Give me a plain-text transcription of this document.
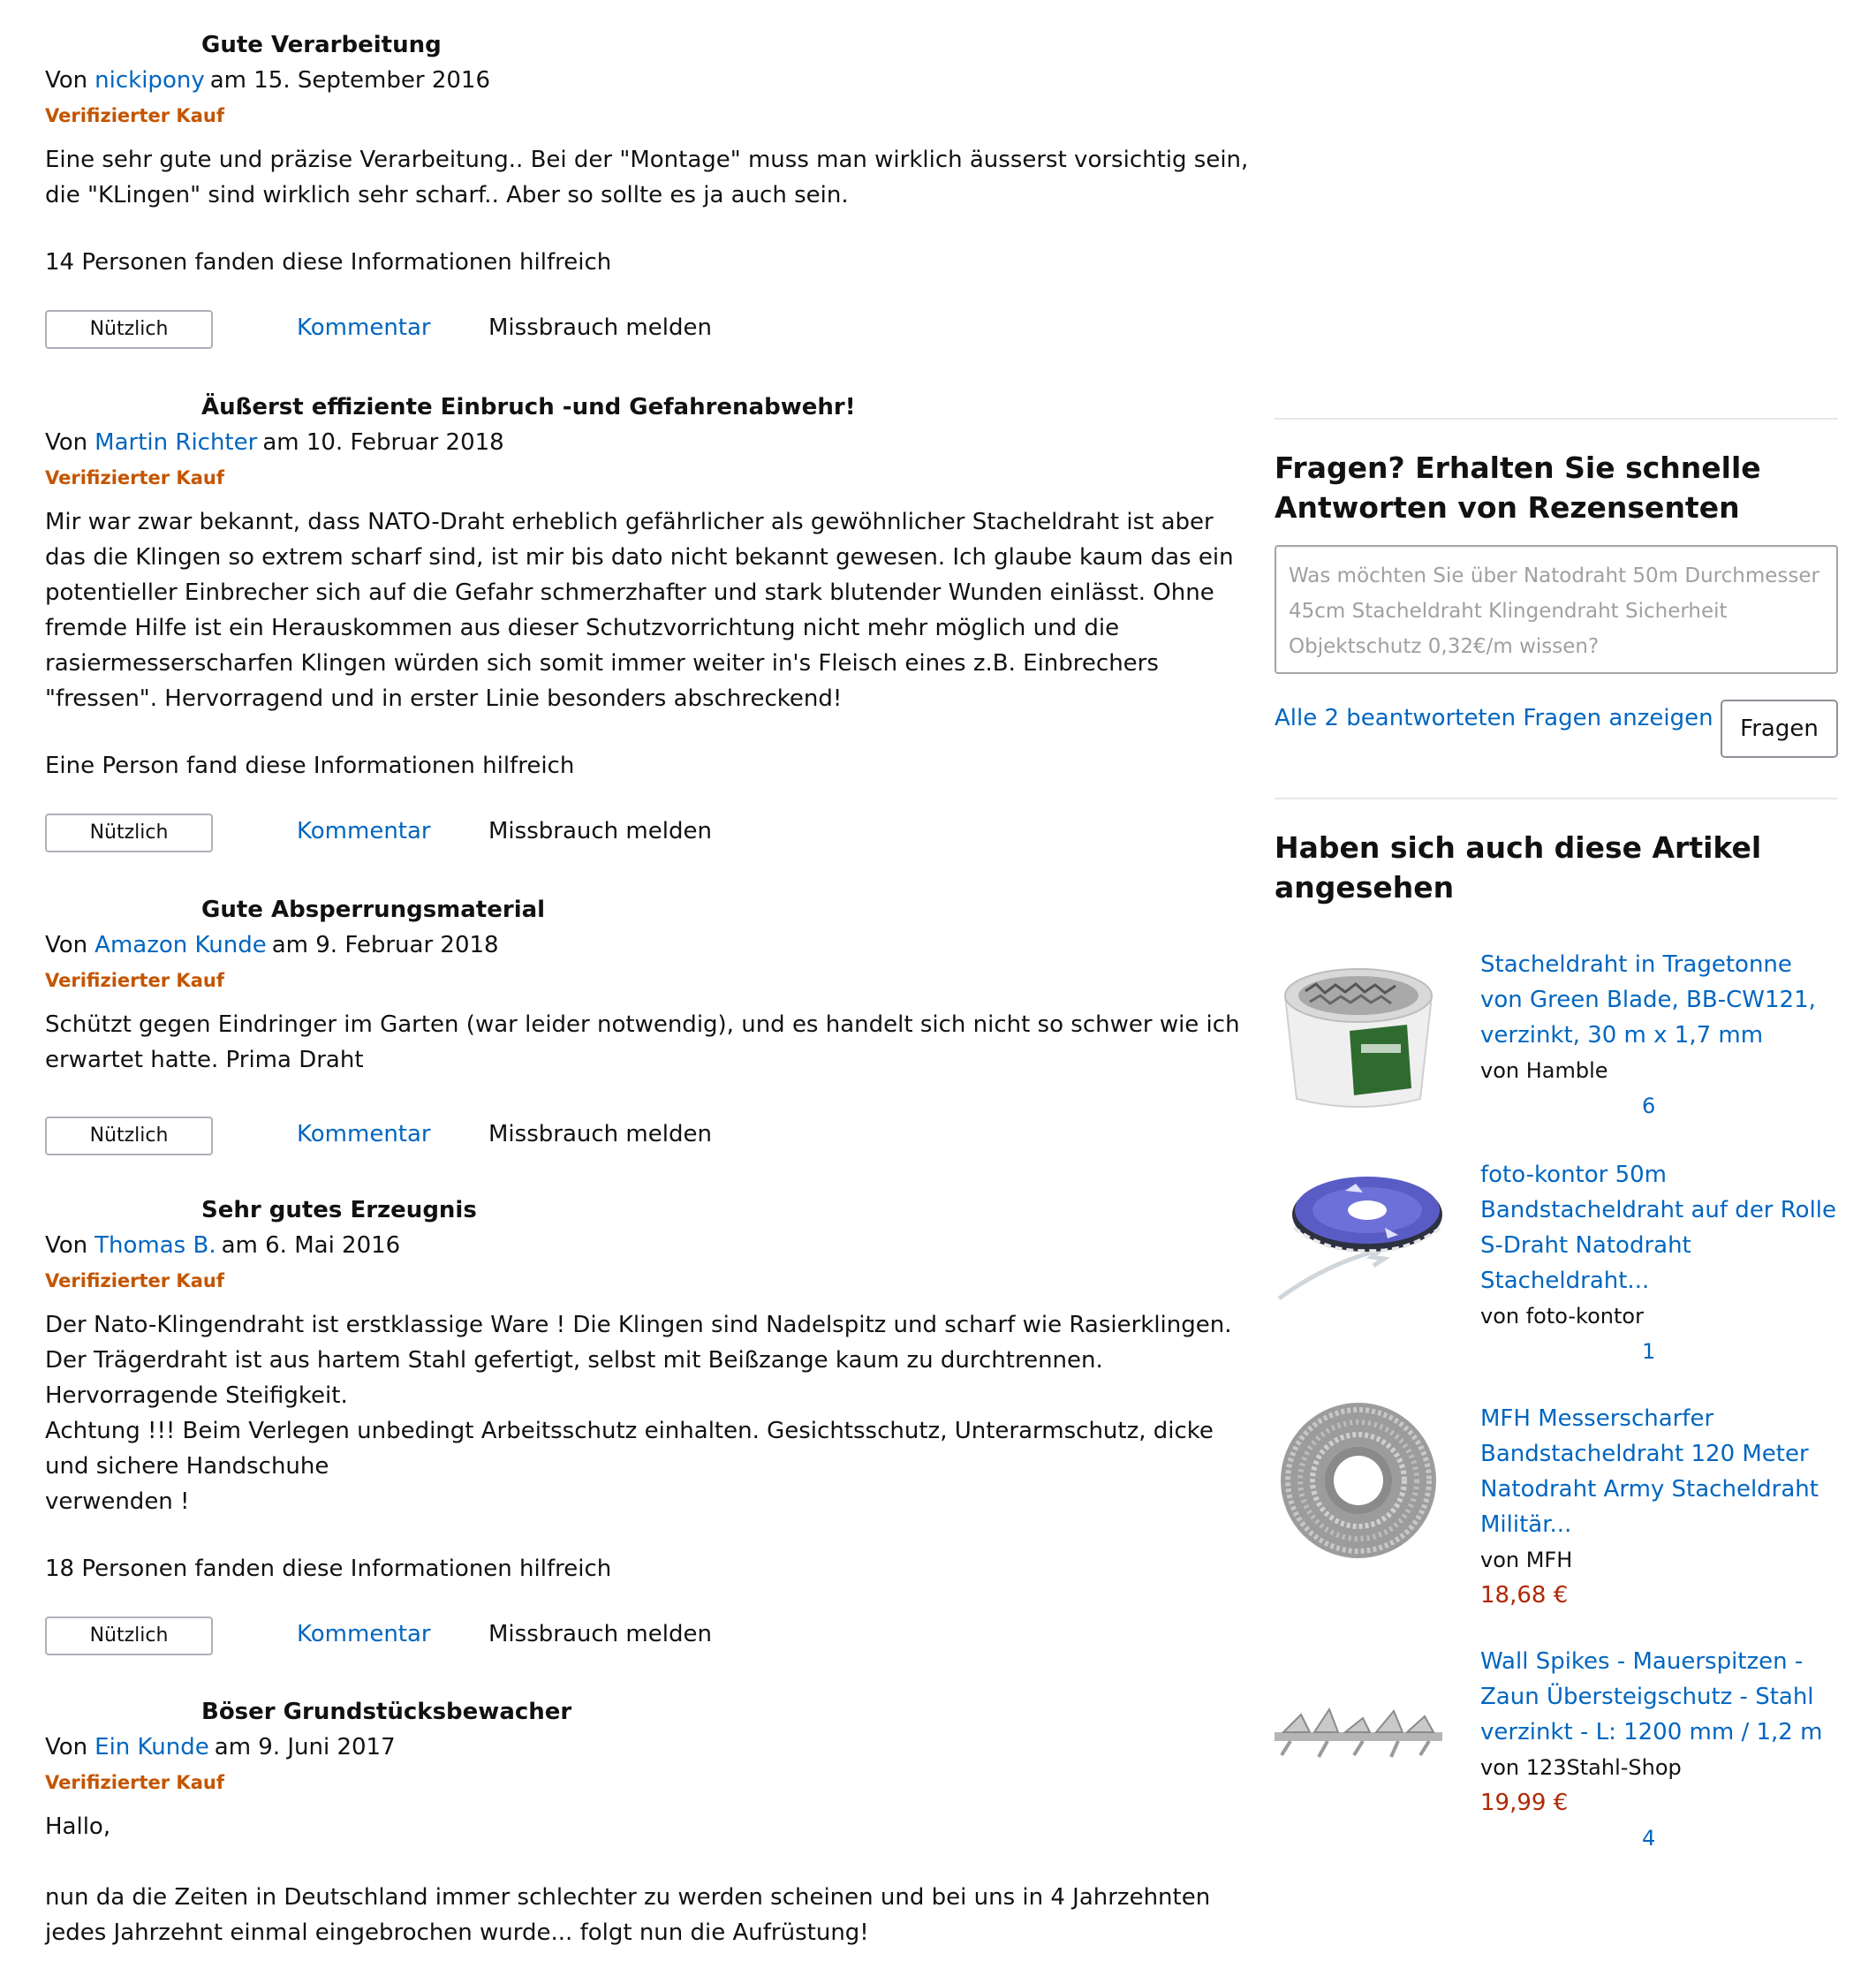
Gute Verarbeitung
Von nickipony am 15. September 2016
Verifizierter Kauf

Eine sehr gute und präzise Verarbeitung.. Bei der "Montage" muss man wirklich äusserst vorsichtig sein, die "KLingen" sind wirklich sehr scharf.. Aber so sollte es ja auch sein.

14 Personen fanden diese Informationen hilfreich
Nützlich	Kommentar	Missbrauch melden
Äußerst effiziente Einbruch -und Gefahrenabwehr!
Von Martin Richter am 10. Februar 2018
Verifizierter Kauf

Mir war zwar bekannt, dass NATO-Draht erheblich gefährlicher als gewöhnlicher Stacheldraht ist aber das die Klingen so extrem scharf sind, ist mir bis dato nicht bekannt gewesen. Ich glaube kaum das ein potentieller Einbrecher sich auf die Gefahr schmerzhafter und stark blutender Wunden einlässt. Ohne fremde Hilfe ist ein Herauskommen aus dieser Schutzvorrichtung nicht mehr möglich und die rasiermesserscharfen Klingen würden sich somit immer weiter in's Fleisch eines z.B. Einbrechers "fressen". Hervorragend und in erster Linie besonders abschreckend!

Eine Person fand diese Informationen hilfreich
Nützlich	Kommentar	Missbrauch melden
Gute Absperrungsmaterial
Von Amazon Kunde am 9. Februar 2018
Verifizierter Kauf

Schützt gegen Eindringer im Garten (war leider notwendig), und es handelt sich nicht so schwer wie ich erwartet hatte. Prima Draht

Nützlich	Kommentar	Missbrauch melden
Sehr gutes Erzeugnis
Von Thomas B. am 6. Mai 2016
Verifizierter Kauf

Der Nato-Klingendraht ist erstklassige Ware ! Die Klingen sind Nadelspitz und scharf wie Rasierklingen.

Der Trägerdraht ist aus hartem Stahl gefertigt, selbst mit Beißzange kaum zu durchtrennen. Hervorragende Steifigkeit.

Achtung !!! Beim Verlegen unbedingt Arbeitsschutz einhalten. Gesichtsschutz, Unterarmschutz, dicke und sichere Handschuhe

verwenden !

18 Personen fanden diese Informationen hilfreich
Nützlich	Kommentar	Missbrauch melden
Böser Grundstücksbewacher
Von Ein Kunde am 9. Juni 2017
Verifizierter Kauf

Hallo,

nun da die Zeiten in Deutschland immer schlechter zu werden scheinen und bei uns in 4 Jahrzehnten jedes Jahrzehnt einmal eingebrochen wurde... folgt nun die Aufrüstung!

Fragen? Erhalten Sie schnelle Antworten von Rezensenten
Was möchten Sie über Natodraht 50m Durchmesser 45cm Stacheldraht Klingendraht Sicherheit Objektschutz 0,32€/m wissen?
Alle 2 beantworteten Fragen anzeigen	Fragen
Haben sich auch diese Artikel angesehen
Stacheldraht in Tragetonne von Green Blade, BB-CW121, verzinkt, 30 m x 1,7 mm
von Hamble
6
foto-kontor 50m Bandstacheldraht auf der Rolle S-Draht Natodraht Stacheldraht...
von foto-kontor
1
MFH Messerscharfer Bandstacheldraht 120 Meter Natodraht Army Stacheldraht Militär...
von MFH
18,68 €
Wall Spikes - Mauerspitzen - Zaun Übersteigschutz - Stahl verzinkt - L: 1200 mm / 1,2 m
von 123Stahl-Shop
19,99 €
4
